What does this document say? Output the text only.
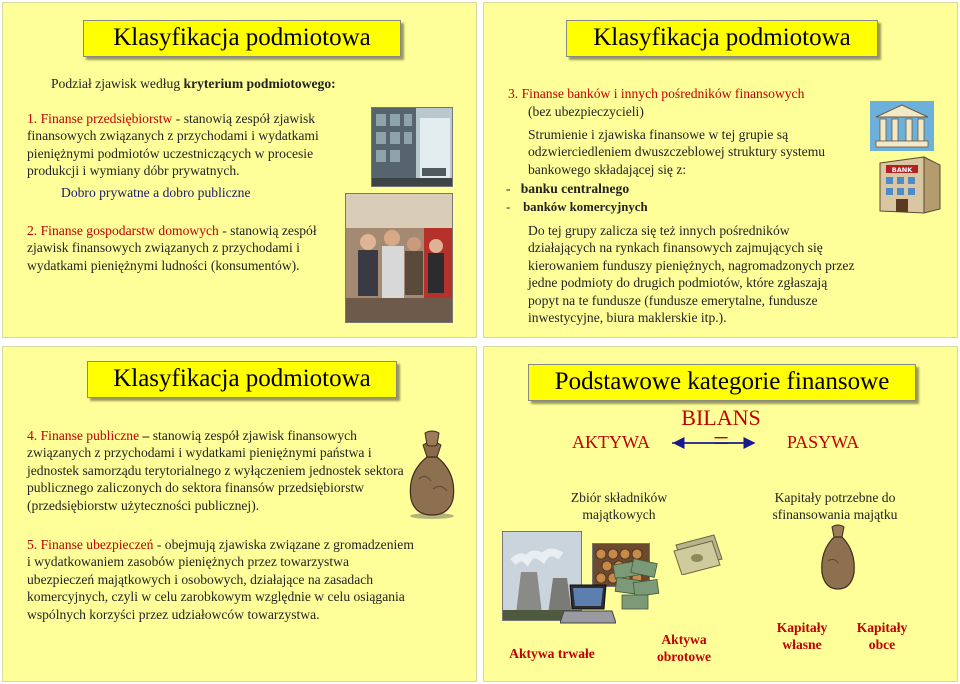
Klasyfikacja podmiotowa
Podział zjawisk według kryterium podmiotowego:
1. Finanse przedsiębiorstw - stanowią zespół zjawisk finansowych związanych z przychodami i wydatkami pieniężnymi podmiotów uczestniczących w procesie produkcji i wymiany dóbr prywatnych.
Dobro prywatne a dobro publiczne
2. Finanse gospodarstw domowych - stanowią zespół zjawisk finansowych związanych z przychodami i wydatkami pieniężnymi ludności (konsumentów).
Klasyfikacja podmiotowa
3. Finanse banków i innych pośredników finansowych
(bez ubezpieczycieli)
Strumienie i zjawiska finansowe w tej grupie są odzwierciedleniem dwuszczeblowej struktury systemu bankowego składającej się z:
- banku centralnego
- banków komercyjnych
Do tej grupy zalicza się też innych pośredników działających na rynkach finansowych zajmujących się kierowaniem funduszy pieniężnych, nagromadzonych przez jedne podmioty do drugich podmiotów, które zgłaszają popyt na te fundusze (fundusze emerytalne, fundusze inwestycyjne, biura maklerskie itp.).
BANK
Klasyfikacja podmiotowa
4. Finanse publiczne – stanowią zespół zjawisk finansowych związanych z przychodami i wydatkami pieniężnymi państwa i jednostek samorządu terytorialnego z wyłączeniem jednostek sektora publicznego zaliczonych do sektora finansów przedsiębiorstw (przedsiębiorstw użyteczności publicznej).
5. Finanse ubezpieczeń - obejmują zjawiska związane z gromadzeniem i wydatkowaniem zasobów pieniężnych przez towarzystwa ubezpieczeń majątkowych i osobowych, działające na zasadach komercyjnych, czyli w celu zarobkowym względnie w celu osiągania wspólnych korzyści przez udziałowców towarzystwa.
Podstawowe kategorie finansowe
BILANS
=
AKTYWA	PASYWA
Zbiór składników majątkowych
Kapitały potrzebne do sfinansowania majątku
Aktywa trwałe
Aktywa obrotowe
Kapitały własne
Kapitały obce
